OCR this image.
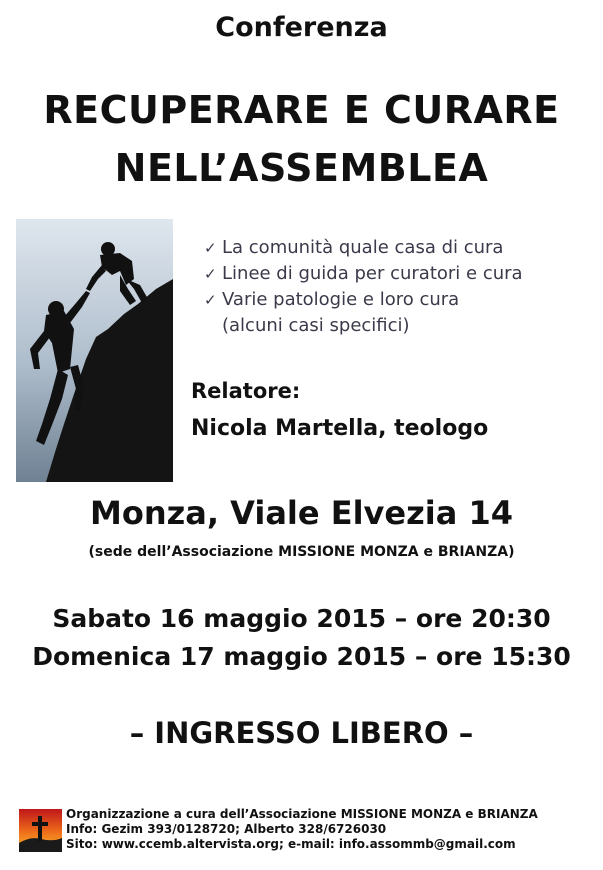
Conferenza
RECUPERARE E CURARE
NELL’ASSEMBLEA
✓ La comunità quale casa di cura
✓ Linee di guida per curatori e cura
✓ Varie patologie e loro cura
(alcuni casi specifici)
Relatore:
Nicola Martella, teologo
Monza, Viale Elvezia 14
(sede dell’Associazione MISSIONE MONZA e BRIANZA)
Sabato 16 maggio 2015 – ore 20:30
Domenica 17 maggio 2015 – ore 15:30
– INGRESSO LIBERO –
Organizzazione a cura dell’Associazione MISSIONE MONZA e BRIANZA
Info: Gezim 393/0128720; Alberto 328/6726030
Sito: www.ccemb.altervista.org; e-mail: info.assommb@gmail.com
